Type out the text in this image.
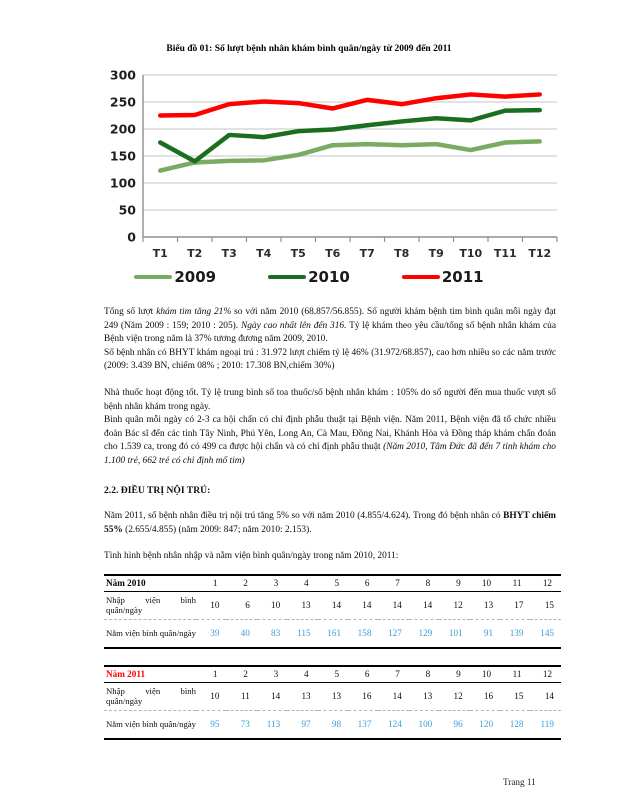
Biểu đồ 01: Số lượt bệnh nhân khám bình quân/ngày từ 2009 đến 2011
0
50
100
150
200
250
300
T1 T2 T3 T4 T5 T6 T7 T8 T9 T10 T11 T12
2009	2010	2011

Tổng số lượt khám tim tăng 21% so với năm 2010 (68.857/56.855). Số người khám bệnh tim bình quân mỗi ngày đạt 249 (Năm 2009 : 159; 2010 : 205). Ngày cao nhất lên đến 316. Tỷ lệ khám theo yêu cầu/tổng số bệnh nhân khám của Bệnh viện trong năm là 37% tương đương năm 2009, 2010.

Số bệnh nhân có BHYT khám ngoại trú : 31.972 lượt chiếm tỷ lệ 46% (31.972/68.857), cao hơn nhiều so các năm trước (2009: 3.439 BN, chiếm 08% ; 2010: 17.308 BN,chiếm 30%)

Nhà thuốc hoạt động tốt. Tỷ lệ trung bình số toa thuốc/số bệnh nhân khám : 105% do số người đến mua thuốc vượt số bệnh nhân khám trong ngày.

Bình quân mỗi ngày có 2-3 ca hội chẩn có chỉ định phẫu thuật tại Bệnh viện. Năm 2011, Bệnh viện đã tổ chức nhiều đoàn Bác sĩ đến các tỉnh Tây Ninh, Phú Yên, Long An, Cà Mau, Đồng Nai, Khánh Hòa và Đồng tháp khám chẩn đoán cho 1.539 ca, trong đó có 499 ca được hội chẩn và có chỉ định phẫu thuật (Năm 2010, Tâm Đức đã đến 7 tỉnh khám cho 1.100 trẻ, 662 trẻ có chỉ định mổ tim)

2.2. ĐIỀU TRỊ NỘI TRÚ:

Năm 2011, số bệnh nhân điều trị nội trú tăng 5% so với năm 2010 (4.855/4.624). Trong đó bệnh nhân có BHYT chiếm 55% (2.655/4.855) (năm 2009: 847; năm 2010: 2.153).

Tình hình bệnh nhân nhập và nằm viện bình quân/ngày trong năm 2010, 2011:

Năm 2010	1	2	3	4	5	6	7	8	9	10	11	12
Nhập viện bình quân/ngày	10	6	10	13	14	14	14	14	12	13	17	15
Nằm viện bình quân/ngày	39	40	83	115	161	158	127	129	101	91	139	145
Năm 2011	1	2	3	4	5	6	7	8	9	10	11	12
Nhập viện bình quân/ngày	10	11	14	13	13	16	14	13	12	16	15	14
Nằm viện bình quân/ngày	95	73	113	97	98	137	124	100	96	120	128	119
Trang 11
